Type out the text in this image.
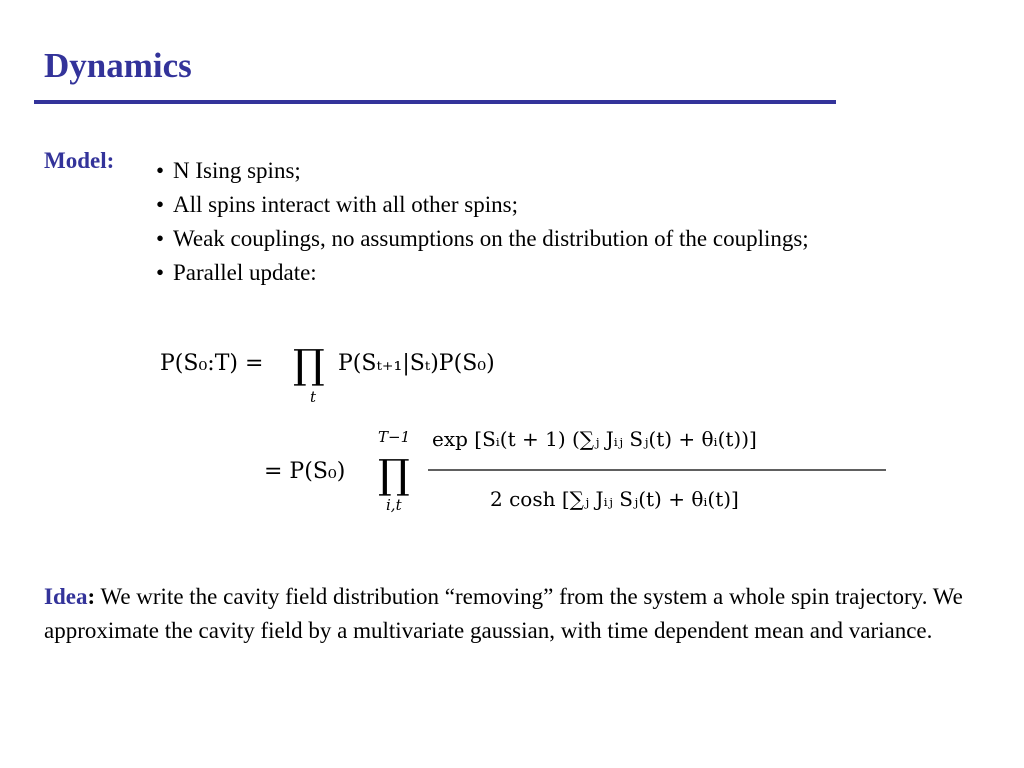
Dynamics
Model: • N Ising spins;
• All spins interact with all other spins;
• Weak couplings, no assumptions on the distribution of the couplings;
• Parallel update:
P(S₀:T) = ∏
t
P(Sₜ₊₁|Sₜ)P(S₀)
= P(S₀)
T−1
∏
i,t
exp [Sᵢ(t + 1) (∑ⱼ Jᵢⱼ Sⱼ(t) + θᵢ(t))]
2 cosh [∑ⱼ Jᵢⱼ Sⱼ(t) + θᵢ(t)]
Idea: We write the cavity field distribution “removing” from the system a whole spin trajectory. We approximate the cavity field by a multivariate gaussian, with time dependent mean and variance.
